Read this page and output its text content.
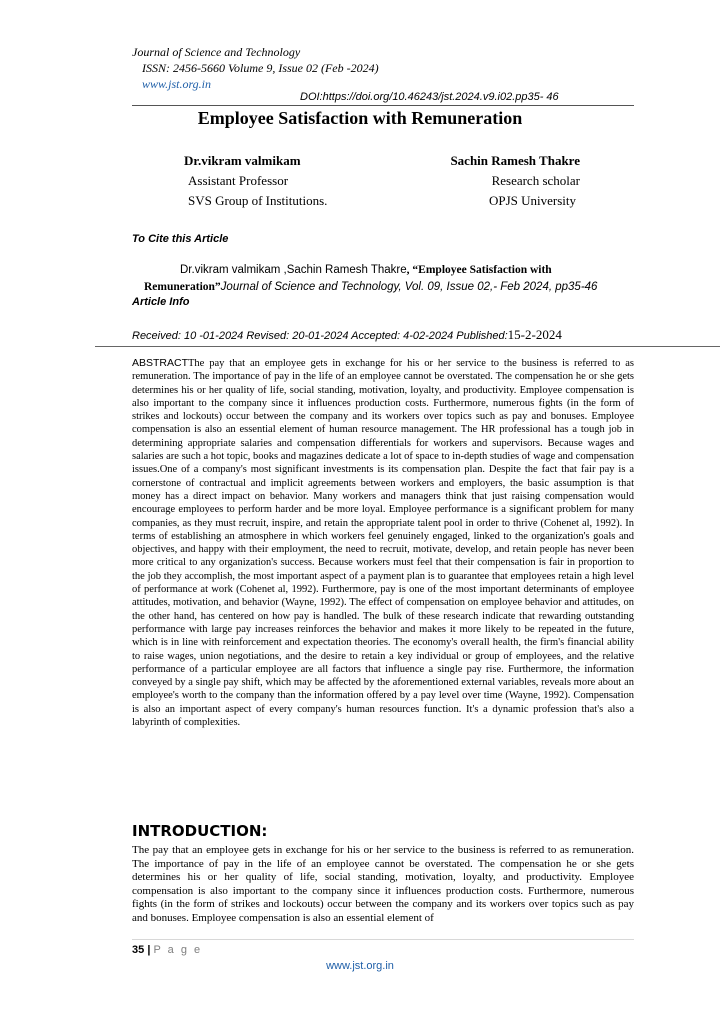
Journal of Science and Technology
ISSN: 2456-5660 Volume 9, Issue 02 (Feb -2024)
www.jst.org.in
DOI:https://doi.org/10.46243/jst.2024.v9.i02.pp35- 46
Employee Satisfaction with Remuneration
Dr.vikram valmikam
Assistant Professor
SVS Group of Institutions.
Sachin Ramesh Thakre
Research scholar
OPJS University
To Cite this Article
Dr.vikram valmikam ,Sachin Ramesh Thakre, “Employee Satisfaction with
Remuneration”Journal of Science and Technology, Vol. 09, Issue 02,- Feb 2024, pp35-46
Article Info
Received: 10 -01-2024 Revised: 20-01-2024 Accepted: 4-02-2024 Published:15-2-2024
ABSTRACTThe pay that an employee gets in exchange for his or her service to the business is referred to as remuneration. The importance of pay in the life of an employee cannot be overstated. The compensation he or she gets determines his or her quality of life, social standing, motivation, loyalty, and productivity. Employee compensation is also important to the company since it influences production costs. Furthermore, numerous fights (in the form of strikes and lockouts) occur between the company and its workers over topics such as pay and bonuses. Employee compensation is also an essential element of human resource management. The HR professional has a tough job in determining appropriate salaries and compensation differentials for workers and supervisors. Because wages and salaries are such a hot topic, books and magazines dedicate a lot of space to in-depth studies of wage and compensation issues.One of a company's most significant investments is its compensation plan. Despite the fact that fair pay is a cornerstone of contractual and implicit agreements between workers and employers, the basic assumption is that money has a direct impact on behavior. Many workers and managers think that just raising compensation would encourage employees to perform harder and be more loyal. Employee performance is a significant problem for many companies, as they must recruit, inspire, and retain the appropriate talent pool in order to thrive (Cohenet al, 1992). In terms of establishing an atmosphere in which workers feel genuinely engaged, linked to the organization's goals and objectives, and happy with their employment, the need to recruit, motivate, develop, and retain people has never been more critical to any organization's success. Because workers must feel that their compensation is fair in proportion to the job they accomplish, the most important aspect of a payment plan is to guarantee that employees retain a high level of performance at work (Cohenet al, 1992). Furthermore, pay is one of the most important determinants of employee attitudes, motivation, and behavior (Wayne, 1992). The effect of compensation on employee behavior and attitudes, on the other hand, has centered on how pay is handled. The bulk of these research indicate that rewarding outstanding performance with large pay increases reinforces the behavior and makes it more likely to be repeated in the future, which is in line with reinforcement and expectation theories. The economy's overall health, the firm's financial ability to raise wages, union negotiations, and the desire to retain a key individual or group of employees, and the relative performance of a particular employee are all factors that influence a single pay rise. Furthermore, the information conveyed by a single pay shift, which may be affected by the aforementioned external variables, reveals more about an employee's worth to the company than the information offered by a pay level over time (Wayne, 1992). Compensation is also an important aspect of every company's human resources function. It's a dynamic profession that's also a labyrinth of complexities.
INTRODUCTION:
The pay that an employee gets in exchange for his or her service to the business is referred to as remuneration. The importance of pay in the life of an employee cannot be overstated. The compensation he or she gets determines his or her quality of life, social standing, motivation, loyalty, and productivity. Employee compensation is also important to the company since it influences production costs. Furthermore, numerous fights (in the form of strikes and lockouts) occur between the company and its workers over topics such as pay and bonuses. Employee compensation is also an essential element of
35 | P a g e
www.jst.org.in
